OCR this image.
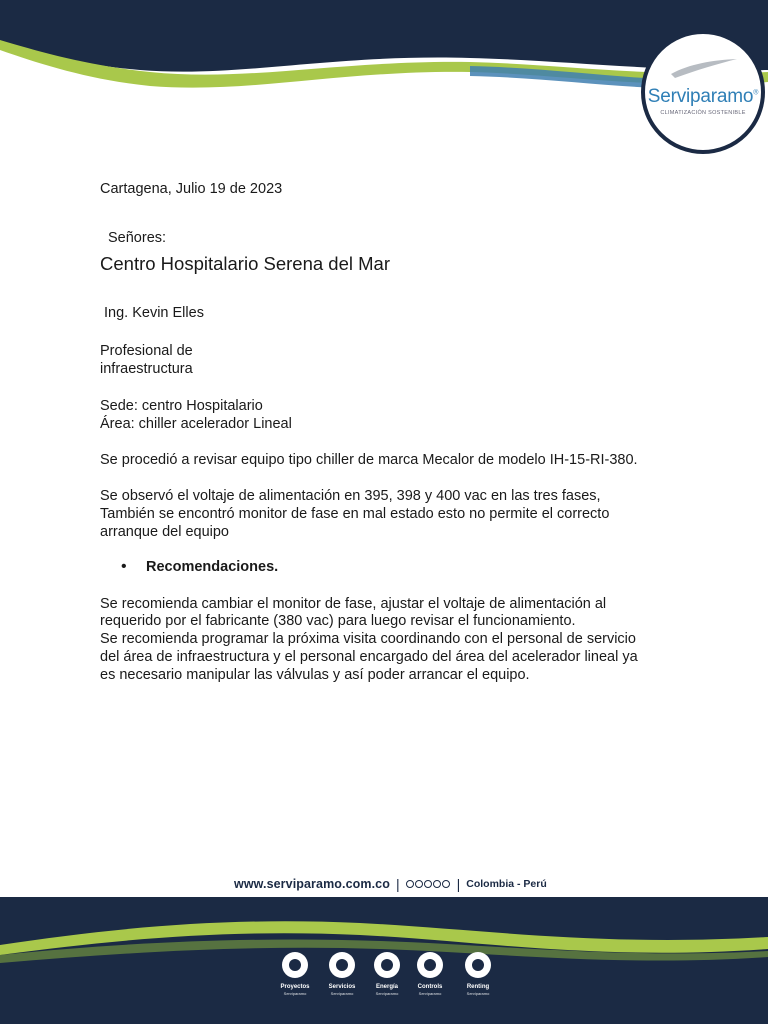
Serviparamo®
CLIMATIZACIÓN SOSTENIBLE
Cartagena, Julio 19 de 2023
Señores:
Centro Hospitalario Serena del Mar
Ing. Kevin Elles
Profesional de
infraestructura
Sede: centro Hospitalario
Área: chiller acelerador Lineal
Se procedió a revisar equipo tipo chiller de marca Mecalor de modelo IH-15-RI-380.
Se observó el voltaje de alimentación en 395, 398 y 400 vac en las tres fases,
También se encontró monitor de fase en mal estado esto no permite el correcto
arranque del equipo
• Recomendaciones.
Se recomienda cambiar el monitor de fase, ajustar el voltaje de alimentación al
requerido por el fabricante (380 vac) para luego revisar el funcionamiento.
Se recomienda programar la próxima visita coordinando con el personal de servicio
del área de infraestructura y el personal encargado del área del acelerador lineal ya
es necesario manipular las válvulas y así poder arrancar el equipo.
www.serviparamo.com.co |	| Colombia - Perú
Proyectos
Serviparamo
Servicios
Serviparamo
Energía
Serviparamo
Controls
Serviparamo
Renting
Serviparamo
